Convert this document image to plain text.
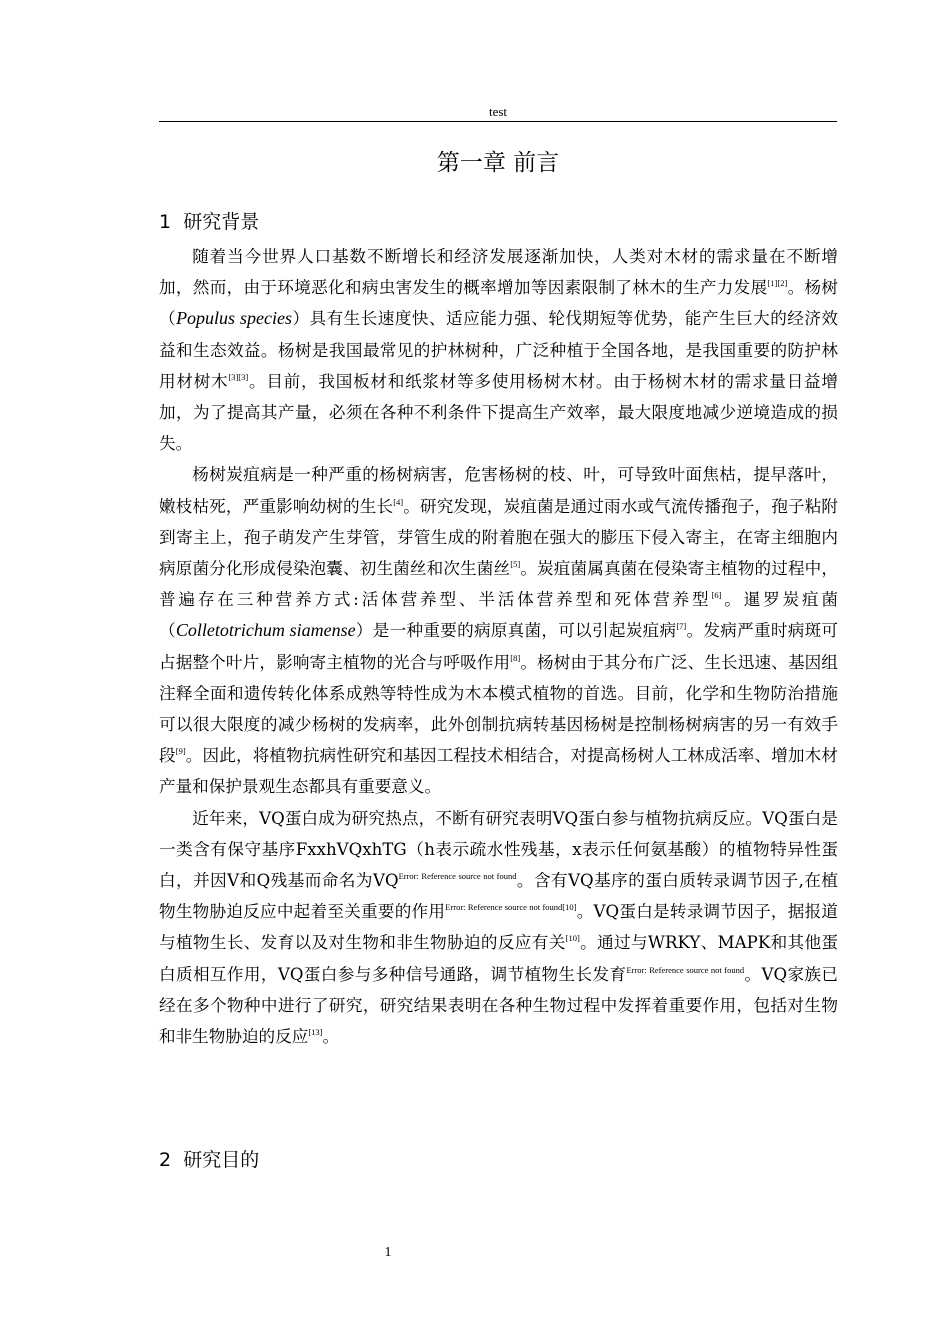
test
第一章 前言
1 研究背景

随着当今世界人口基数不断增长和经济发展逐渐加快，人类对木材的需求量在不断增加，然而，由于环境恶化和病虫害发生的概率增加等因素限制了林木的生产力发展[1][2]。杨树（Populus species）具有生长速度快、适应能力强、轮伐期短等优势，能产生巨大的经济效益和生态效益。杨树是我国最常见的护林树种，广泛种植于全国各地，是我国重要的防护林用材树木[3][3]。目前，我国板材和纸浆材等多使用杨树木材。由于杨树木材的需求量日益增加，为了提高其产量，必须在各种不利条件下提高生产效率，最大限度地减少逆境造成的损失。

杨树炭疽病是一种严重的杨树病害，危害杨树的枝、叶，可导致叶面焦枯，提早落叶，嫩枝枯死，严重影响幼树的生长[4]。研究发现，炭疽菌是通过雨水或气流传播孢子，孢子粘附到寄主上，孢子萌发产生芽管，芽管生成的附着胞在强大的膨压下侵入寄主，在寄主细胞内病原菌分化形成侵染泡囊、初生菌丝和次生菌丝[5]。炭疽菌属真菌在侵染寄主植物的过程中，普遍存在三种营养方式:活体营养型、半活体营养型和死体营养型[6]。暹罗炭疽菌（Colletotrichum siamense）是一种重要的病原真菌，可以引起炭疽病[7]。发病严重时病斑可占据整个叶片，影响寄主植物的光合与呼吸作用[8]。杨树由于其分布广泛、生长迅速、基因组注释全面和遗传转化体系成熟等特性成为木本模式植物的首选。目前，化学和生物防治措施可以很大限度的减少杨树的发病率，此外创制抗病转基因杨树是控制杨树病害的另一有效手段[9]。因此，将植物抗病性研究和基因工程技术相结合，对提高杨树人工林成活率、增加木材产量和保护景观生态都具有重要意义。

近年来，VQ蛋白成为研究热点，不断有研究表明VQ蛋白参与植物抗病反应。VQ蛋白是一类含有保守基序FxxhVQxhTG（h表示疏水性残基，x表示任何氨基酸）的植物特异性蛋白，并因V和Q残基而命名为$VQ^{Error: Reference source not found}$。含有VQ基序的蛋白质转录调节因子,在植物生物胁迫反应中起着至关重要的作用$^{Error: Reference source not found[10]}$。VQ蛋白是转录调节因子，据报道与植物生长、发育以及对生物和非生物胁迫的反应有关[10]。通过与WRKY、MAPK和其他蛋白质相互作用，VQ蛋白参与多种信号通路，调节植物生长发育$^{Error: Reference source not found}$。VQ家族已经在多个物种中进行了研究，研究结果表明在各种生物过程中发挥着重要作用，包括对生物和非生物胁迫的反应[13]。

2 研究目的
1
